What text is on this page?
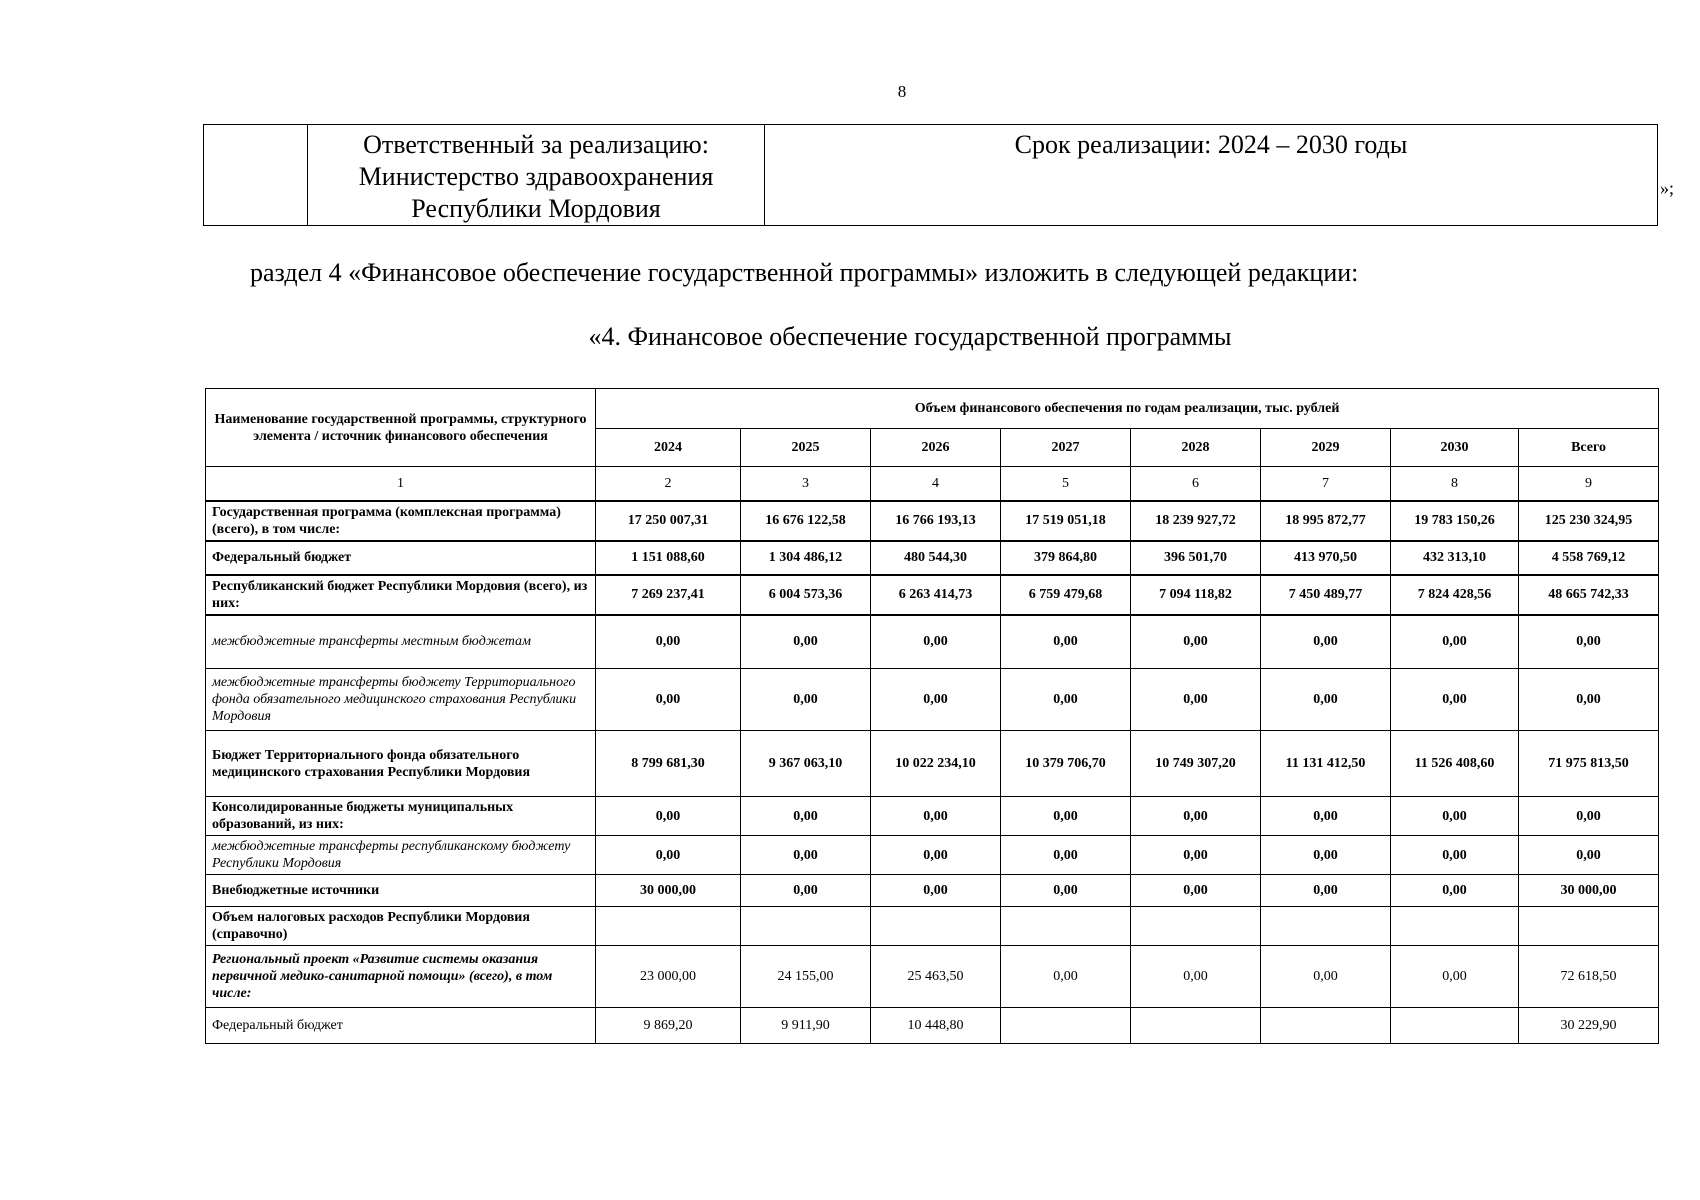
8
	Ответственный за реализацию: Министерство здравоохранения Республики Мордовия	Срок реализации: 2024 – 2030 годы
»;
раздел 4 «Финансовое обеспечение государственной программы» изложить в следующей редакции:
«4. Финансовое обеспечение государственной программы
Наименование государственной программы, структурного элемента / источник финансового обеспечения	Объем финансового обеспечения по годам реализации, тыс. рублей							
	2024	2025	2026	2027	2028	2029	2030	Всего
1	2	3	4	5	6	7	8	9
Государственная программа (комплексная программа) (всего), в том числе:	17 250 007,31	16 676 122,58	16 766 193,13	17 519 051,18	18 239 927,72	18 995 872,77	19 783 150,26	125 230 324,95
Федеральный бюджет	1 151 088,60	1 304 486,12	480 544,30	379 864,80	396 501,70	413 970,50	432 313,10	4 558 769,12
Республиканский бюджет Республики Мордовия (всего), из них:	7 269 237,41	6 004 573,36	6 263 414,73	6 759 479,68	7 094 118,82	7 450 489,77	7 824 428,56	48 665 742,33
межбюджетные трансферты местным бюджетам	0,00	0,00	0,00	0,00	0,00	0,00	0,00	0,00
межбюджетные трансферты бюджету Территориального фонда обязательного медицинского страхования Республики Мордовия	0,00	0,00	0,00	0,00	0,00	0,00	0,00	0,00
Бюджет Территориального фонда обязательного медицинского страхования Республики Мордовия	8 799 681,30	9 367 063,10	10 022 234,10	10 379 706,70	10 749 307,20	11 131 412,50	11 526 408,60	71 975 813,50
Консолидированные бюджеты муниципальных образований, из них:	0,00	0,00	0,00	0,00	0,00	0,00	0,00	0,00
межбюджетные трансферты республиканскому бюджету Республики Мордовия	0,00	0,00	0,00	0,00	0,00	0,00	0,00	0,00
Внебюджетные источники	30 000,00	0,00	0,00	0,00	0,00	0,00	0,00	30 000,00
Объем налоговых расходов Республики Мордовия (справочно)								
Региональный проект «Развитие системы оказания первичной медико-санитарной помощи» (всего), в том числе:	23 000,00	24 155,00	25 463,50	0,00	0,00	0,00	0,00	72 618,50
Федеральный бюджет	9 869,20	9 911,90	10 448,80					30 229,90
